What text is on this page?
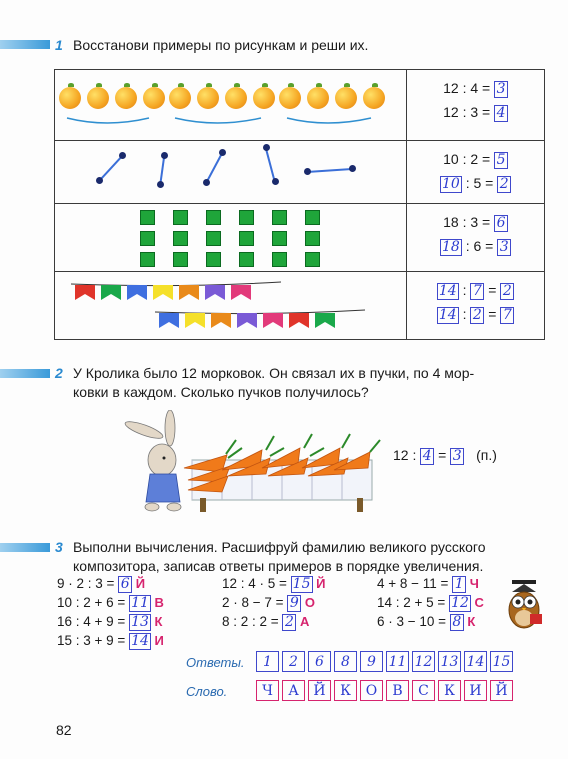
1 Восстанови примеры по рисункам и реши их.

12 : 4 = 3
12 : 3 = 4

	10 : 2 = 5
10 : 5 = 2

	18 : 3 = 6
18 : 6 = 3

14 : 7 = 2
14 : 2 = 7
2 У Кролика было 12 морковок. Он связал их в пучки, по 4 мор-
ковки в каждом. Сколько пучков получилось?
12 : 4 = 3 (п.)
3 Выполни вычисления. Расшифруй фамилию великого русского
композитора, записав ответы примеров в порядке увеличения.
9 · 2 : 3 = 6 Й
10 : 2 + 6 = 11 В
16 : 4 + 9 = 13 К
15 : 3 + 9 = 14 И
12 : 4 · 5 = 15 Й
2 · 8 − 7 = 9 О
8 : 2 : 2 = 2 А
4 + 8 − 11 = 1 Ч
14 : 2 + 5 = 12 С
6 · 3 − 10 = 8 К
Ответы.
Слово.
1	2	6	8	9 11 12 13 14 15
Ч	А	Й	К	О	В	С	К	И Й
82
